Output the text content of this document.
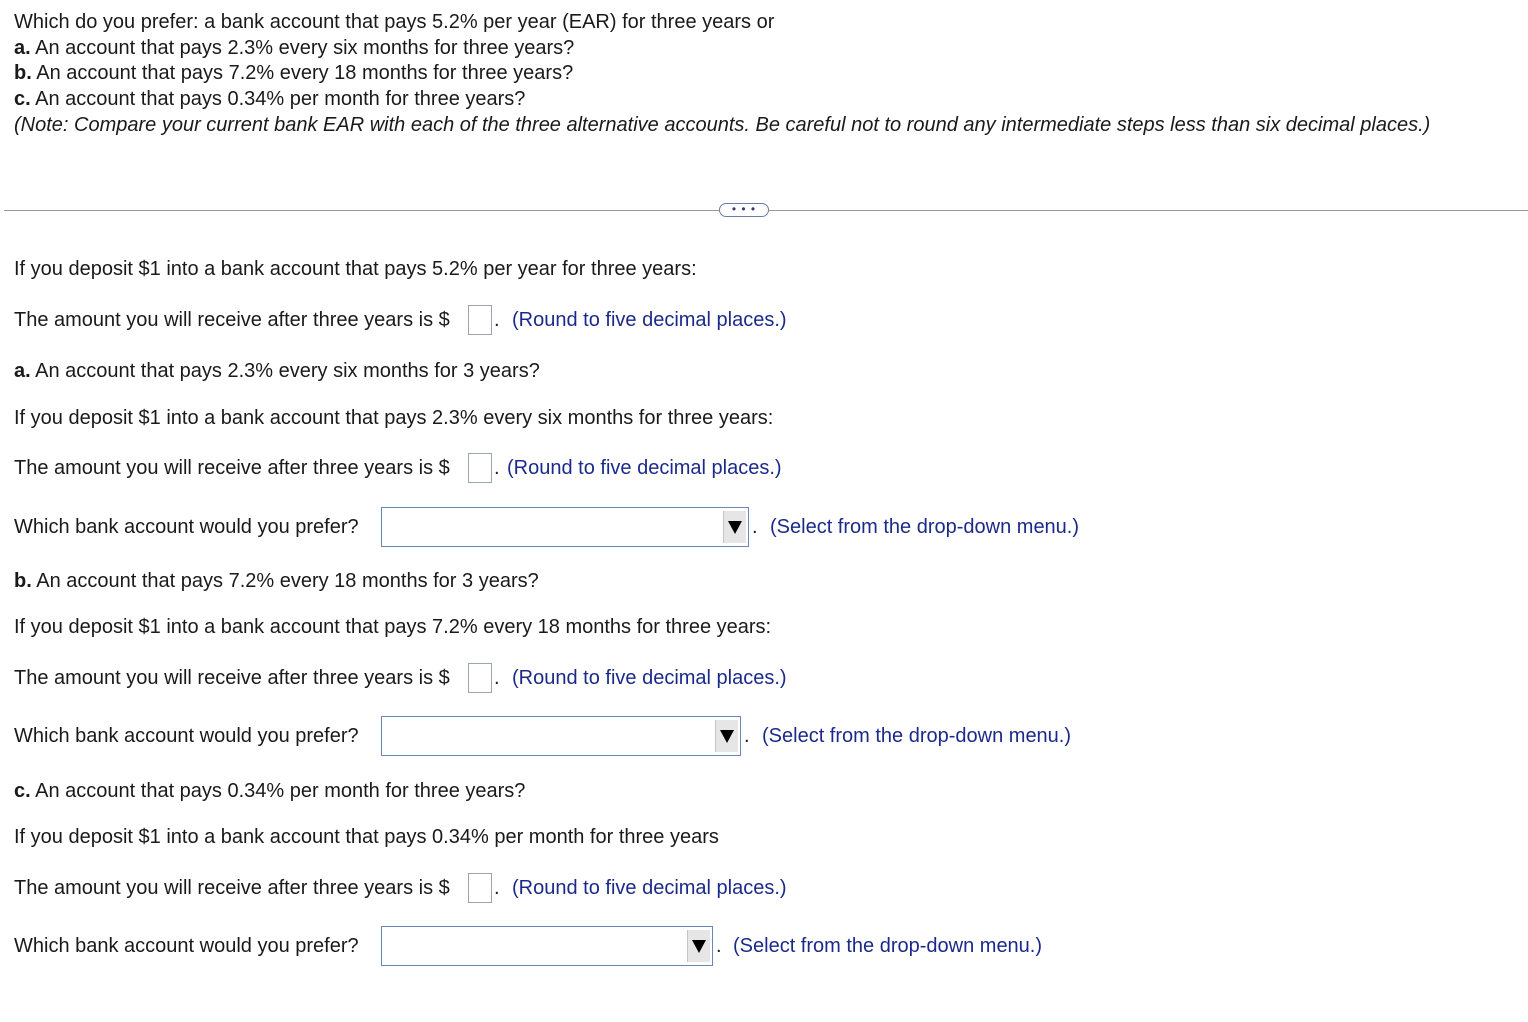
Which do you prefer: a bank account that pays 5.2% per year (EAR) for three years or
a. An account that pays 2.3% every six months for three years?
b. An account that pays 7.2% every 18 months for three years?
c. An account that pays 0.34% per month for three years?
(Note: Compare your current bank EAR with each of the three alternative accounts. Be careful not to round any intermediate steps less than six decimal places.)
• • •
If you deposit $1 into a bank account that pays 5.2% per year for three years:
The amount you will receive after three years is $ . (Round to five decimal places.)
a. An account that pays 2.3% every six months for 3 years?
If you deposit $1 into a bank account that pays 2.3% every six months for three years:
The amount you will receive after three years is $ . (Round to five decimal places.)
Which bank account would you prefer?	. (Select from the drop-down menu.)
b. An account that pays 7.2% every 18 months for 3 years?
If you deposit $1 into a bank account that pays 7.2% every 18 months for three years:
The amount you will receive after three years is $ . (Round to five decimal places.)
Which bank account would you prefer?	. (Select from the drop-down menu.)
c. An account that pays 0.34% per month for three years?
If you deposit $1 into a bank account that pays 0.34% per month for three years
The amount you will receive after three years is $ . (Round to five decimal places.)
Which bank account would you prefer?	. (Select from the drop-down menu.)
